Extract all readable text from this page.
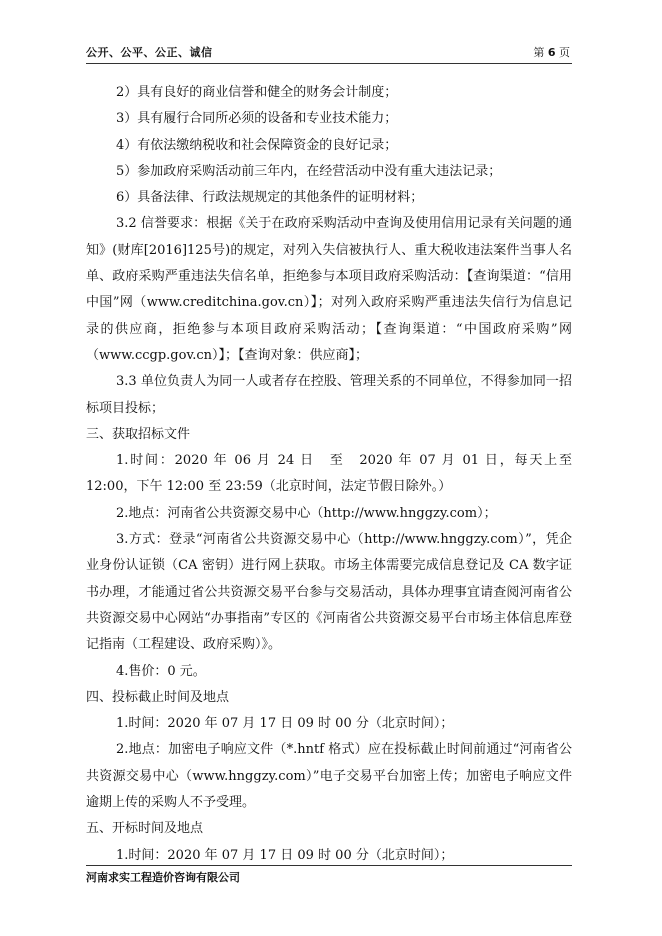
公开、公平、公正、诚信	第 6 页

2）具有良好的商业信誉和健全的财务会计制度；

3）具有履行合同所必须的设备和专业技术能力；

4）有依法缴纳税收和社会保障资金的良好记录；

5）参加政府采购活动前三年内，在经营活动中没有重大违法记录；

6）具备法律、行政法规规定的其他条件的证明材料；

3.2 信誉要求：根据《关于在政府采购活动中查询及使用信用记录有关问题的通知》(财库[2016]125号)的规定，对列入失信被执行人、重大税收违法案件当事人名单、政府采购严重违法失信名单，拒绝参与本项目政府采购活动：【查询渠道：“信用中国”网（www.creditchina.gov.cn）】；对列入政府采购严重违法失信行为信息记录的供应商，拒绝参与本项目政府采购活动；【查询渠道：“中国政府采购”网（www.ccgp.gov.cn）】；【查询对象：供应商】；

3.3 单位负责人为同一人或者存在控股、管理关系的不同单位，不得参加同一招标项目投标；

三、获取招标文件

1.时间：2020 年 06 月 24 日　至　2020 年 07 月 01 日，每天上至 12:00，下午 12:00 至 23:59（北京时间，法定节假日除外。）

2.地点：河南省公共资源交易中心（http://www.hnggzy.com）；

3.方式：登录“河南省公共资源交易中心（http://www.hnggzy.com）”，凭企业身份认证锁（CA 密钥）进行网上获取。市场主体需要完成信息登记及 CA 数字证书办理，才能通过省公共资源交易平台参与交易活动，具体办理事宜请查阅河南省公共资源交易中心网站“办事指南”专区的《河南省公共资源交易平台市场主体信息库登记指南（工程建设、政府采购）》。

4.售价：0 元。

四、投标截止时间及地点

1.时间：2020 年 07 月 17 日 09 时 00 分（北京时间）；

2.地点：加密电子响应文件（*.hntf 格式）应在投标截止时间前通过“河南省公共资源交易中心（www.hnggzy.com）”电子交易平台加密上传；加密电子响应文件逾期上传的采购人不予受理。

五、开标时间及地点

1.时间：2020 年 07 月 17 日 09 时 00 分（北京时间）；

河南求实工程造价咨询有限公司
